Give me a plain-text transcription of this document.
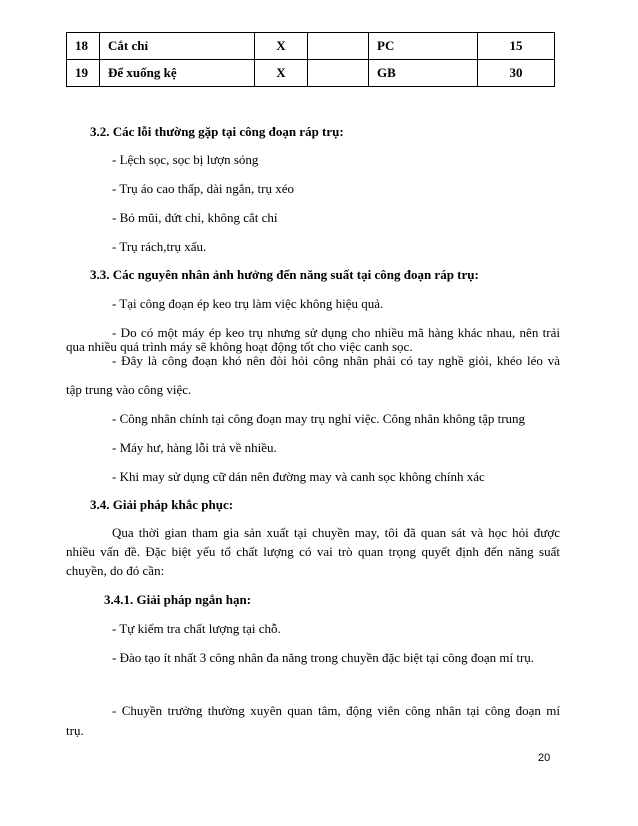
18	Cắt chỉ	X		PC	15
19	Để xuống kệ	X		GB	30
3.2. Các lỗi thường gặp tại công đoạn ráp trụ:
- Lệch sọc, sọc bị lượn sóng
- Trụ áo cao thấp, dài ngắn, trụ xéo
- Bỏ mũi, đứt chỉ, không cắt chỉ
- Trụ rách,trụ xấu.
3.3. Các nguyên nhân ảnh hưởng đến năng suất tại công đoạn ráp trụ:
- Tại công đoạn ép keo trụ làm việc không hiệu quả.
- Do có một máy ép keo trụ nhưng sử dụng cho nhiều mã hàng khác nhau, nên trải
qua nhiều quá trình máy sẽ không hoạt động tốt cho việc canh sọc.
- Đây là công đoạn khó nên đòi hỏi công nhân phải có tay nghề giỏi, khéo léo và
tập trung vào công việc.
- Công nhân chính tại công đoạn may trụ nghỉ việc. Công nhân không tập trung
- Máy hư, hàng lỗi trả về nhiều.
- Khi may sử dụng cữ dán nên đường may và canh sọc không chính xác
3.4. Giải pháp khắc phục:
Qua thời gian tham gia sản xuất tại chuyền may, tôi đã quan sát và học hỏi được
nhiều vấn đề. Đặc biệt yếu tố chất lượng có vai trò quan trọng quyết định đến năng suất
chuyền, do đó cần:
3.4.1. Giải pháp ngắn hạn:
- Tự kiểm tra chất lượng tại chỗ.
- Đào tạo ít nhất 3 công nhân đa năng trong chuyền đặc biệt tại công đoạn mí trụ.
- Chuyền trưởng thường xuyên quan tâm, động viên công nhân tại công đoạn mí
trụ.
20
